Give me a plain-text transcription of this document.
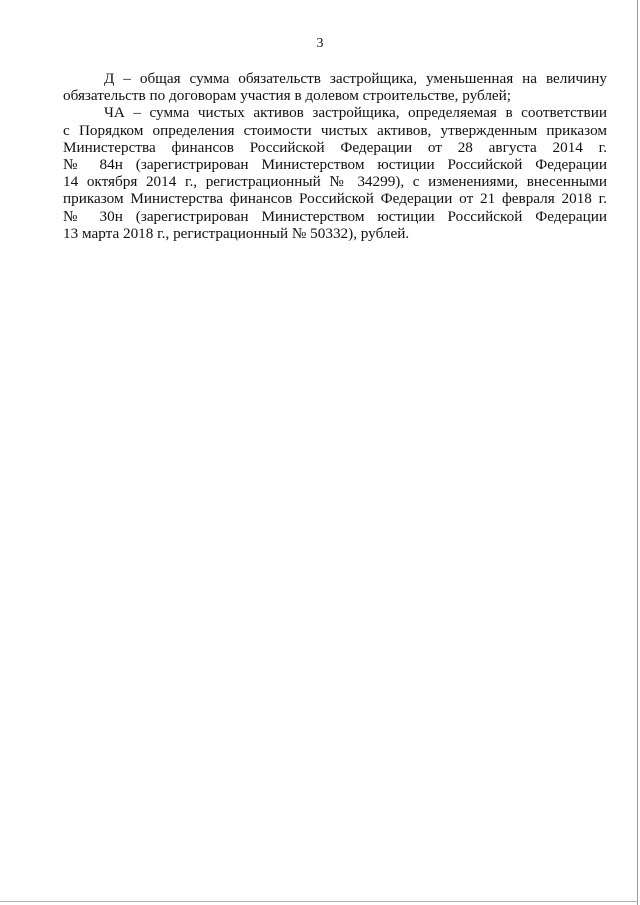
3
Д – общая сумма обязательств застройщика, уменьшенная на величину
обязательств по договорам участия в долевом строительстве, рублей;
ЧА – сумма чистых активов застройщика, определяемая в соответствии
с Порядком определения стоимости чистых активов, утвержденным приказом
Министерства финансов Российской Федерации от 28 августа 2014 г.
№ 84н (зарегистрирован Министерством юстиции Российской Федерации
14 октября 2014 г., регистрационный № 34299), с изменениями, внесенными
приказом Министерства финансов Российской Федерации от 21 февраля 2018 г.
№ 30н (зарегистрирован Министерством юстиции Российской Федерации
13 марта 2018 г., регистрационный № 50332), рублей.
